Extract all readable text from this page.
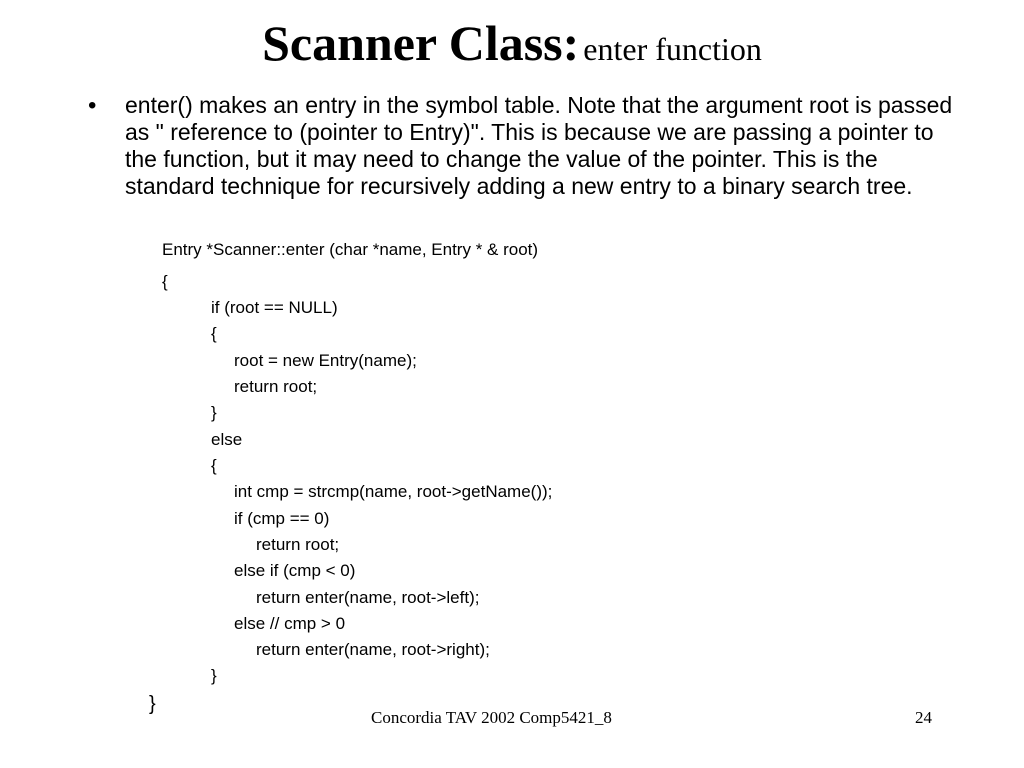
Scanner Class: enter function
• enter() makes an entry in the symbol table. Note that the argument root is passed as " reference to (pointer to Entry)". This is because we are passing a pointer to the function, but it may need to change the value of the pointer. This is the standard technique for recursively adding a new entry to a binary search tree.
Entry *Scanner::enter (char *name, Entry * & root)
{
if (root == NULL)
{
root = new Entry(name);
return root;
}
else
{
int cmp = strcmp(name, root->getName());
if (cmp == 0)
return root;
else if (cmp < 0)
return enter(name, root->left);
else // cmp > 0
return enter(name, root->right);
}
}
Concordia TAV 2002 Comp5421_8	24
